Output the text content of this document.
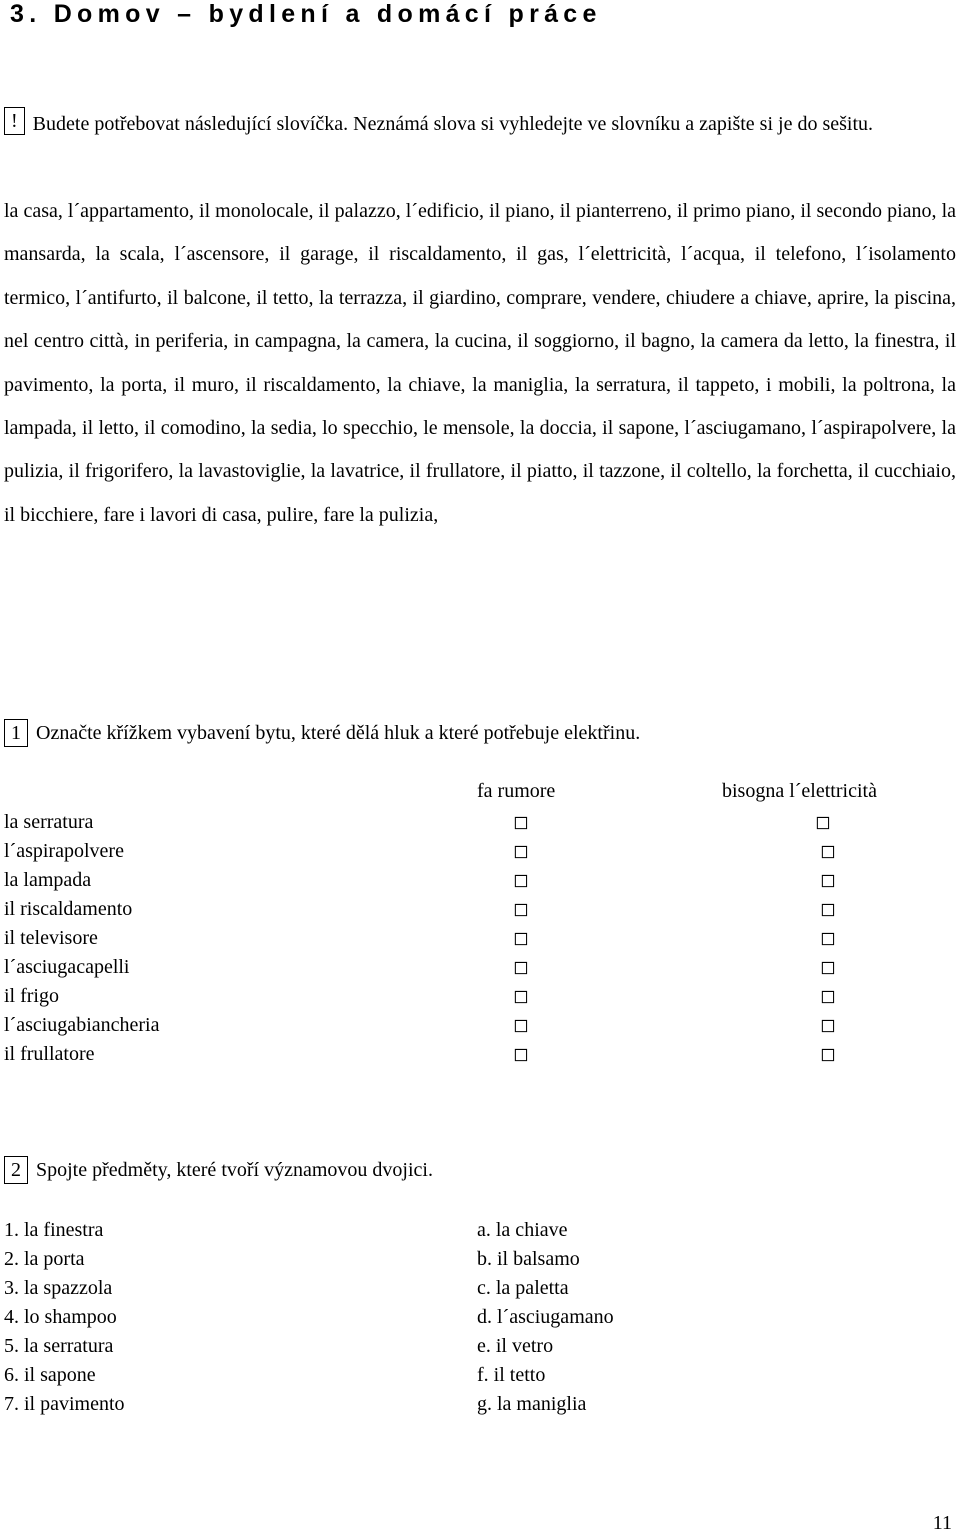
3. Domov – bydlení a domácí práce
! Budete potřebovat následující slovíčka. Neznámá slova si vyhledejte ve slovníku a zapište si je do sešitu.
la casa, l´appartamento, il monolocale, il palazzo, l´edificio, il piano, il pianterreno, il primo piano, il secondo piano, la mansarda, la scala, l´ascensore, il garage, il riscaldamento, il gas, l´elettricità, l´acqua, il telefono, l´isolamento termico, l´antifurto, il balcone, il tetto, la terrazza, il giardino, comprare, vendere, chiudere a chiave, aprire, la piscina, nel centro città, in periferia, in campagna, la camera, la cucina, il soggiorno, il bagno, la camera da letto, la finestra, il pavimento, la porta, il muro, il riscaldamento, la chiave, la maniglia, la serratura, il tappeto, i mobili, la poltrona, la lampada, il letto, il comodino, la sedia, lo specchio, le mensole, la doccia, il sapone, l´asciugamano, l´aspirapolvere, la pulizia, il frigorifero, la lavastoviglie, la lavatrice, il frullatore, il piatto, il tazzone, il coltello, la forchetta, il cucchiaio, il bicchiere, fare i lavori di casa, pulire, fare la pulizia,
1 Označte křížkem vybavení bytu, které dělá hluk a které potřebuje elektřinu.
fa rumore	bisogna l´elettricità
la serratura	◻	◻
l´aspirapolvere	◻	◻
la lampada	◻	◻
il riscaldamento	◻	◻
il televisore	◻	◻
l´asciugacapelli	◻	◻
il frigo	◻	◻
l´asciugabiancheria	◻	◻
il frullatore	◻	◻
2 Spojte předměty, které tvoří významovou dvojici.
1. la finestra	a. la chiave
2. la porta	b. il balsamo
3. la spazzola	c. la paletta
4. lo shampoo	d. l´asciugamano
5. la serratura	e. il vetro
6. il sapone	f. il tetto
7. il pavimento	g. la maniglia
11
